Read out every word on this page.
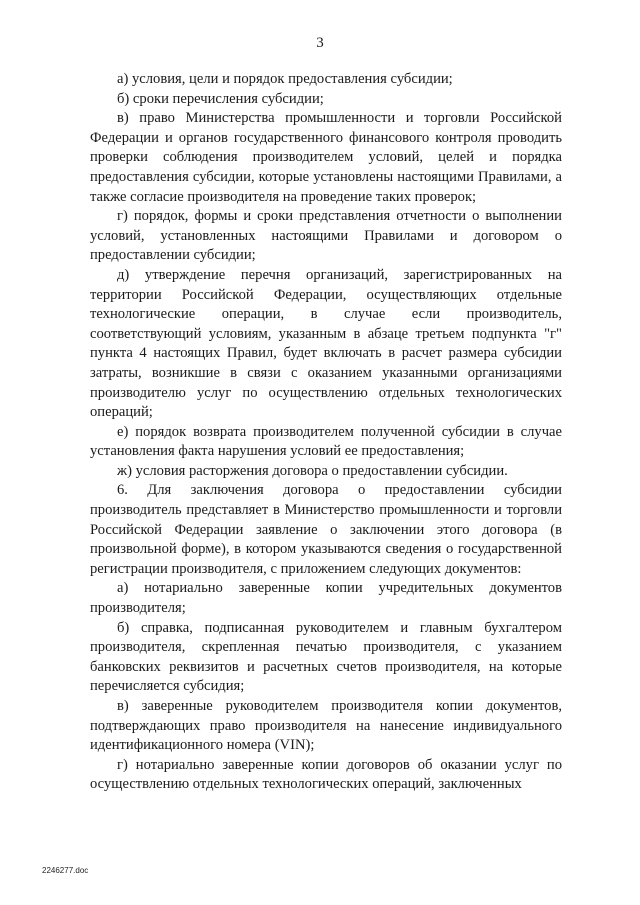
3

а) условия, цели и порядок предоставления субсидии;

б) сроки перечисления субсидии;

в) право Министерства промышленности и торговли Российской Федерации и органов государственного финансового контроля проводить проверки соблюдения производителем условий, целей и порядка предоставления субсидии, которые установлены настоящими Правилами, а также согласие производителя на проведение таких проверок;

г) порядок, формы и сроки представления отчетности о выполнении условий, установленных настоящими Правилами и договором о предоставлении субсидии;

д) утверждение перечня организаций, зарегистрированных на территории Российской Федерации, осуществляющих отдельные технологические операции, в случае если производитель, соответствующий условиям, указанным в абзаце третьем подпункта "г" пункта 4 настоящих Правил, будет включать в расчет размера субсидии затраты, возникшие в связи с оказанием указанными организациями производителю услуг по осуществлению отдельных технологических операций;

е) порядок возврата производителем полученной субсидии в случае установления факта нарушения условий ее предоставления;

ж) условия расторжения договора о предоставлении субсидии.

6. Для заключения договора о предоставлении субсидии производитель представляет в Министерство промышленности и торговли Российской Федерации заявление о заключении этого договора (в произвольной форме), в котором указываются сведения о государственной регистрации производителя, с приложением следующих документов:

а) нотариально заверенные копии учредительных документов производителя;

б) справка, подписанная руководителем и главным бухгалтером производителя, скрепленная печатью производителя, с указанием банковских реквизитов и расчетных счетов производителя, на которые перечисляется субсидия;

в) заверенные руководителем производителя копии документов, подтверждающих право производителя на нанесение индивидуального идентификационного номера (VIN);

г) нотариально заверенные копии договоров об оказании услуг по осуществлению отдельных технологических операций, заключенных

2246277.doc
